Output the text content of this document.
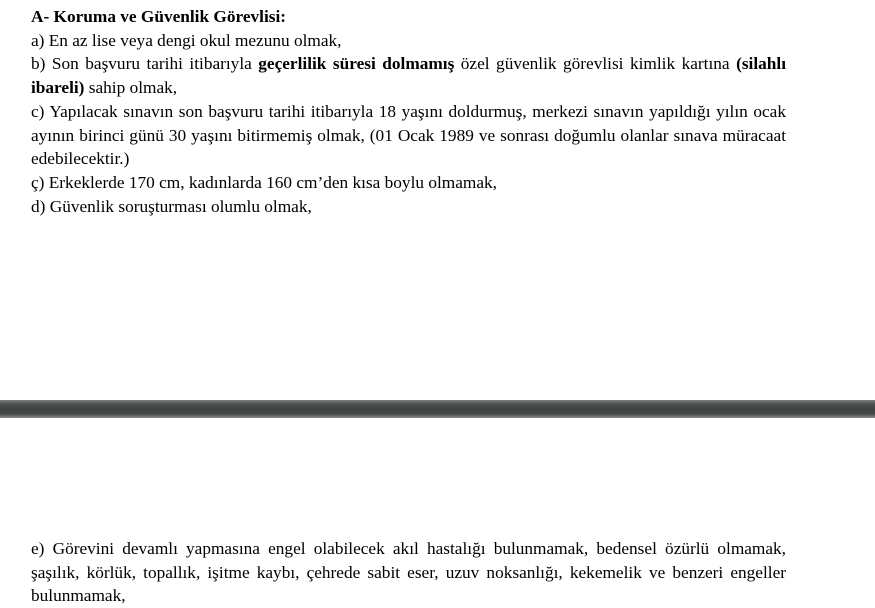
A- Koruma ve Güvenlik Görevlisi:

a) En az lise veya dengi okul mezunu olmak,

b) Son başvuru tarihi itibarıyla geçerlilik süresi dolmamış özel güvenlik görevlisi kimlik kartına (silahlı ibareli) sahip olmak,

c) Yapılacak sınavın son başvuru tarihi itibarıyla 18 yaşını doldurmuş, merkezi sınavın yapıldığı yılın ocak ayının birinci günü 30 yaşını bitirmemiş olmak, (01 Ocak 1989 ve sonrası doğumlu olanlar sınava müracaat edebilecektir.)

ç) Erkeklerde 170 cm, kadınlarda 160 cm’den kısa boylu olmamak,

d) Güvenlik soruşturması olumlu olmak,

e) Görevini devamlı yapmasına engel olabilecek akıl hastalığı bulunmamak, bedensel özürlü olmamak, şaşılık, körlük, topallık, işitme kaybı, çehrede sabit eser, uzuv noksanlığı, kekemelik ve benzeri engeller bulunmamak,
